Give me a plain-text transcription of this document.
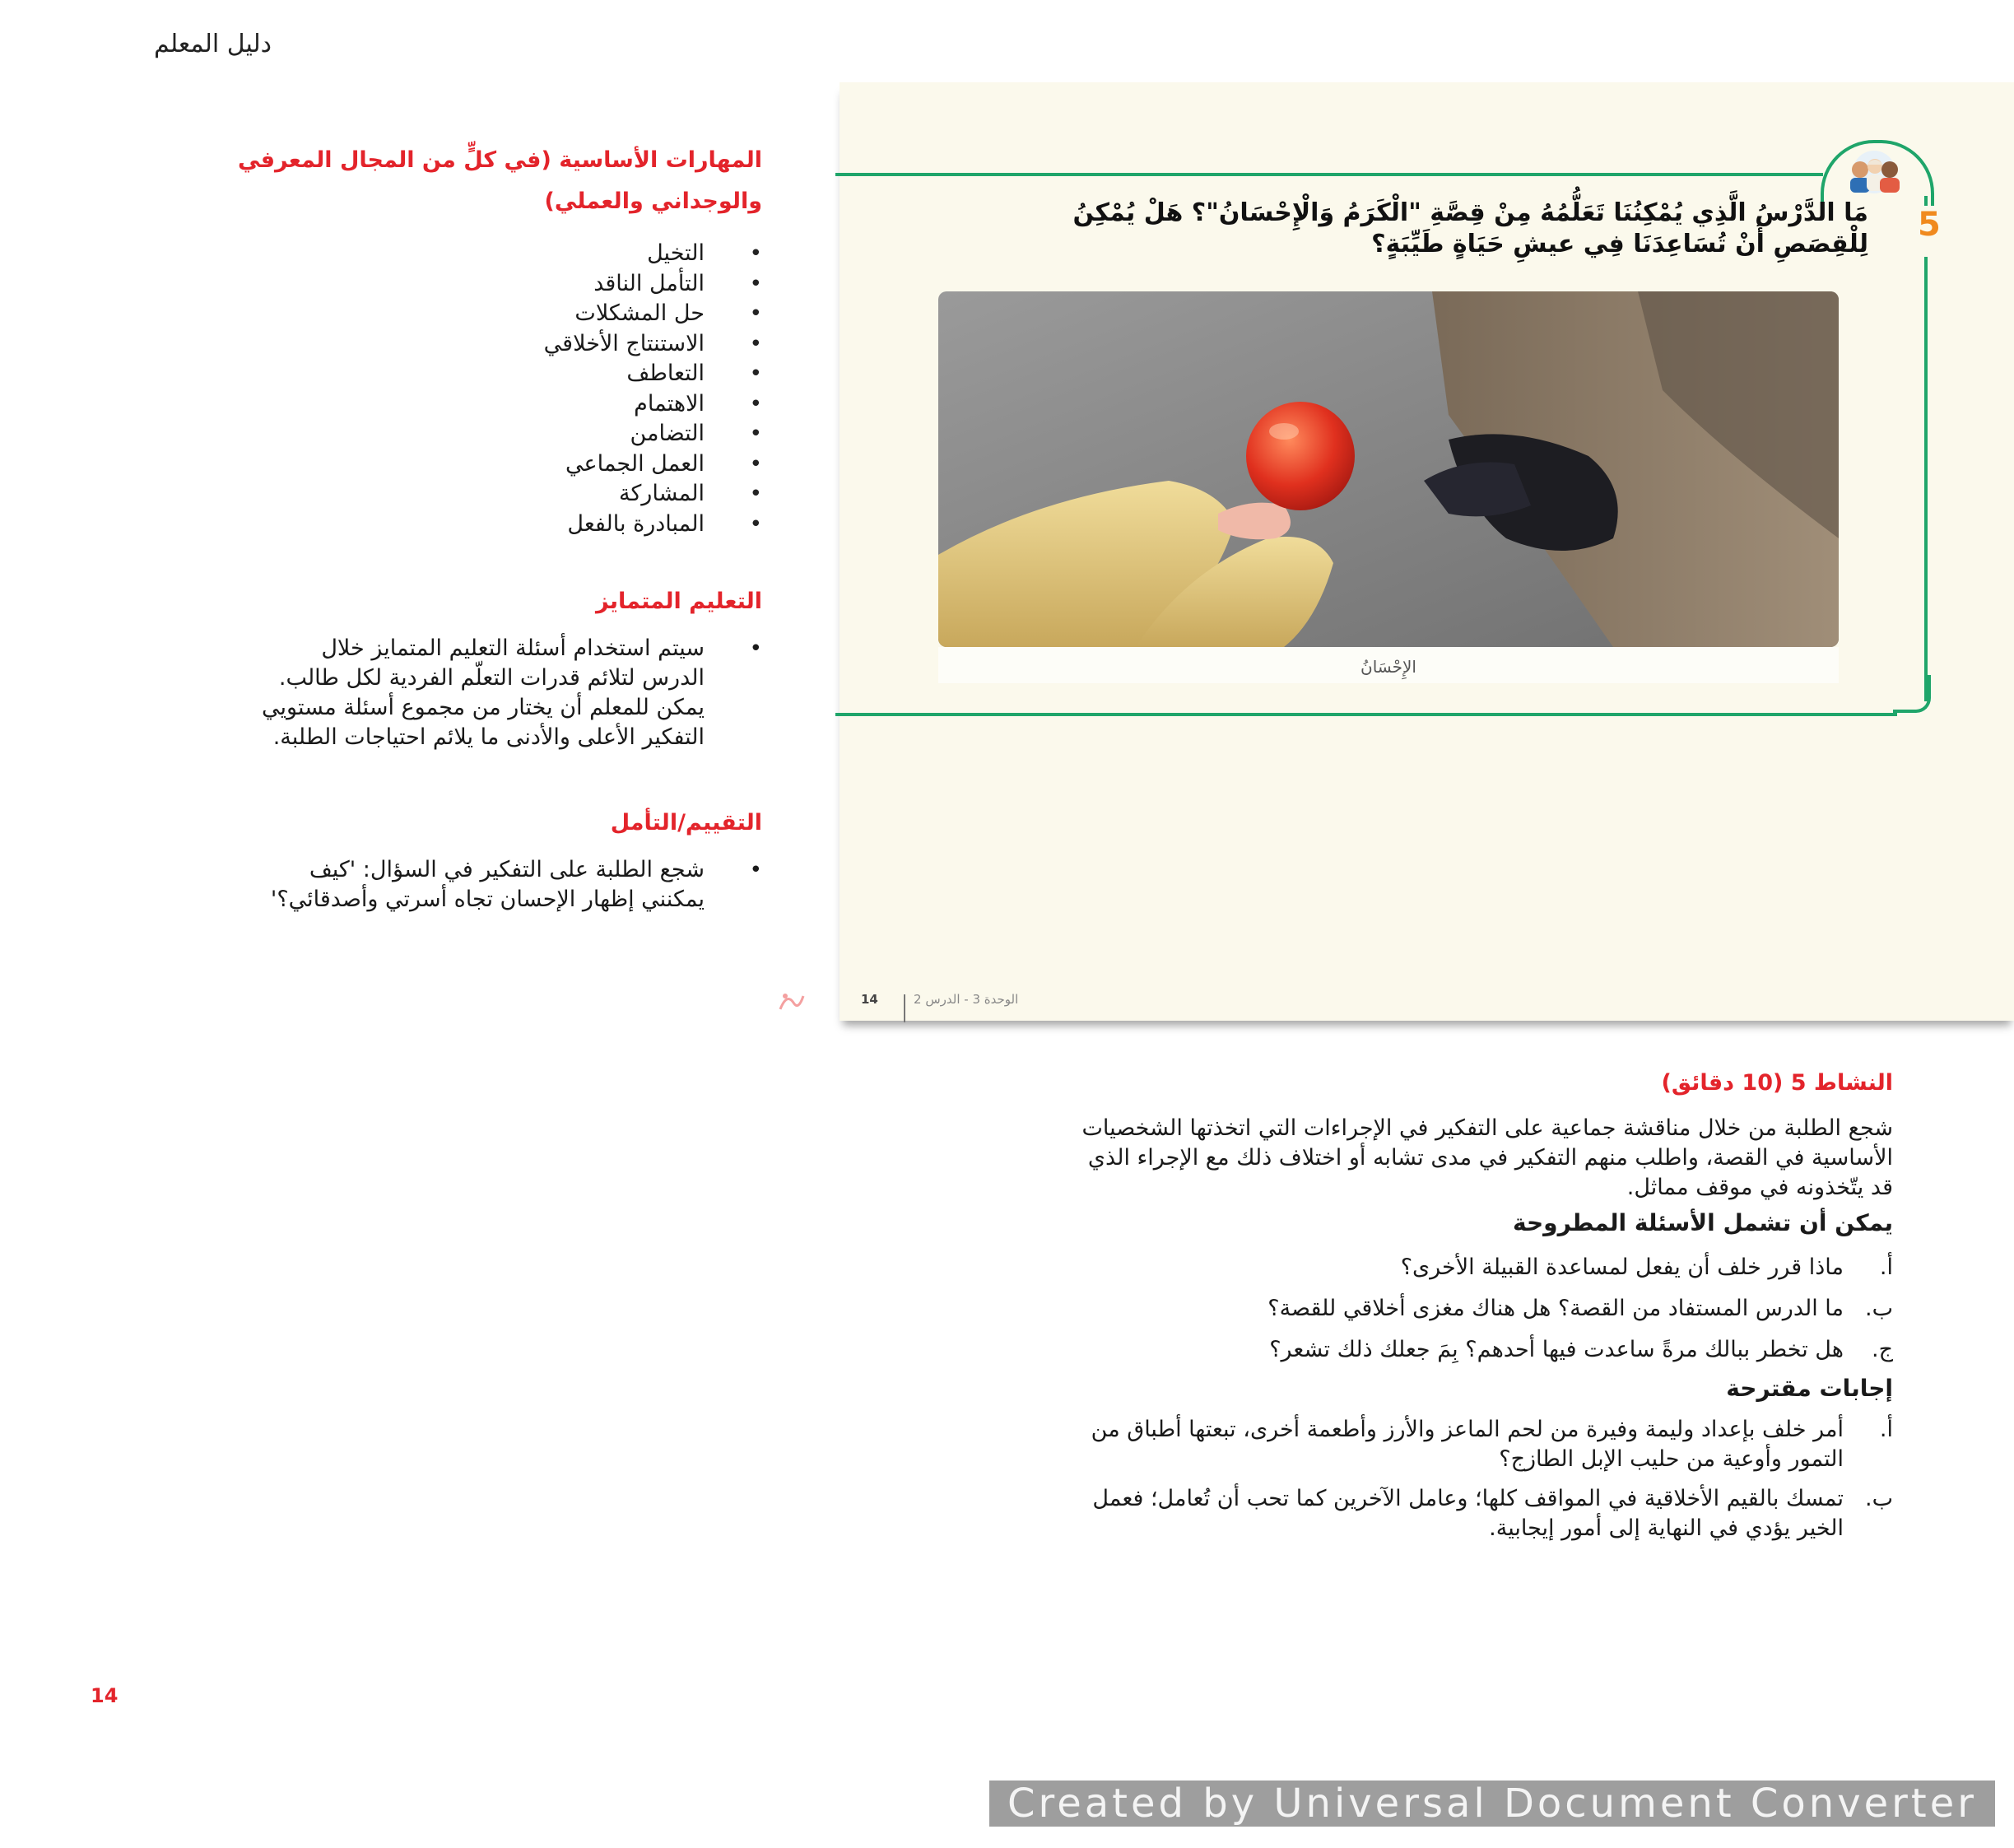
دليل المعلم
المهارات الأساسية (في كلٍّ من المجال المعرفي
والوجداني والعملي)
التخيل •
التأمل الناقد •
حل المشكلات •
الاستنتاج الأخلاقي •
التعاطف •
الاهتمام •
التضامن •
العمل الجماعي •
المشاركة •
المبادرة بالفعل •
التعليم المتمايز
سيتم استخدام أسئلة التعليم المتمايز خلال
الدرس لتلائم قدرات التعلّم الفردية لكل طالب.
يمكن للمعلم أن يختار من مجموع أسئلة مستويي
التفكير الأعلى والأدنى ما يلائم احتياجات الطلبة.
•
التقييم/التأمل
شجع الطلبة على التفكير في السؤال: 'كيف
يمكنني إظهار الإحسان تجاه أسرتي وأصدقائي؟'
•
5
مَا الدَّرْسُ الَّذِي يُمْكِنُنَا تَعَلُّمُهُ مِنْ قِصَّةِ "الْكَرَمُ وَالْإِحْسَانُ"؟ هَلْ يُمْكِنُ
لِلْقِصَصِ أَنْ تُسَاعِدَنَا فِي عيشِ حَيَاةٍ طَيِّبَةٍ؟
الإِحْسَانُ
14	الوحدة 3 - الدرس 2
النشاط 5 (10 دقائق)
شجع الطلبة من خلال مناقشة جماعية على التفكير في الإجراءات التي اتخذتها الشخصيات
الأساسية في القصة، واطلب منهم التفكير في مدى تشابه أو اختلاف ذلك مع الإجراء الذي
قد يتّخذونه في موقف مماثل.
يمكن أن تشمل الأسئلة المطروحة
أ.
ماذا قرر خلف أن يفعل لمساعدة القبيلة الأخرى؟
ب.
ما الدرس المستفاد من القصة؟ هل هناك مغزى أخلاقي للقصة؟
ج.
هل تخطر ببالك مرةً ساعدت فيها أحدهم؟ بِمَ جعلك ذلك تشعر؟
إجابات مقترحة
أ.
أمر خلف بإعداد وليمة وفيرة من لحم الماعز والأرز وأطعمة أخرى، تبعتها أطباق من
التمور وأوعية من حليب الإبل الطازج؟
ب.
تمسك بالقيم الأخلاقية في المواقف كلها؛ وعامل الآخرين كما تحب أن تُعامل؛ فعمل
الخير يؤدي في النهاية إلى أمور إيجابية.
14
Created by Universal Document Converter
